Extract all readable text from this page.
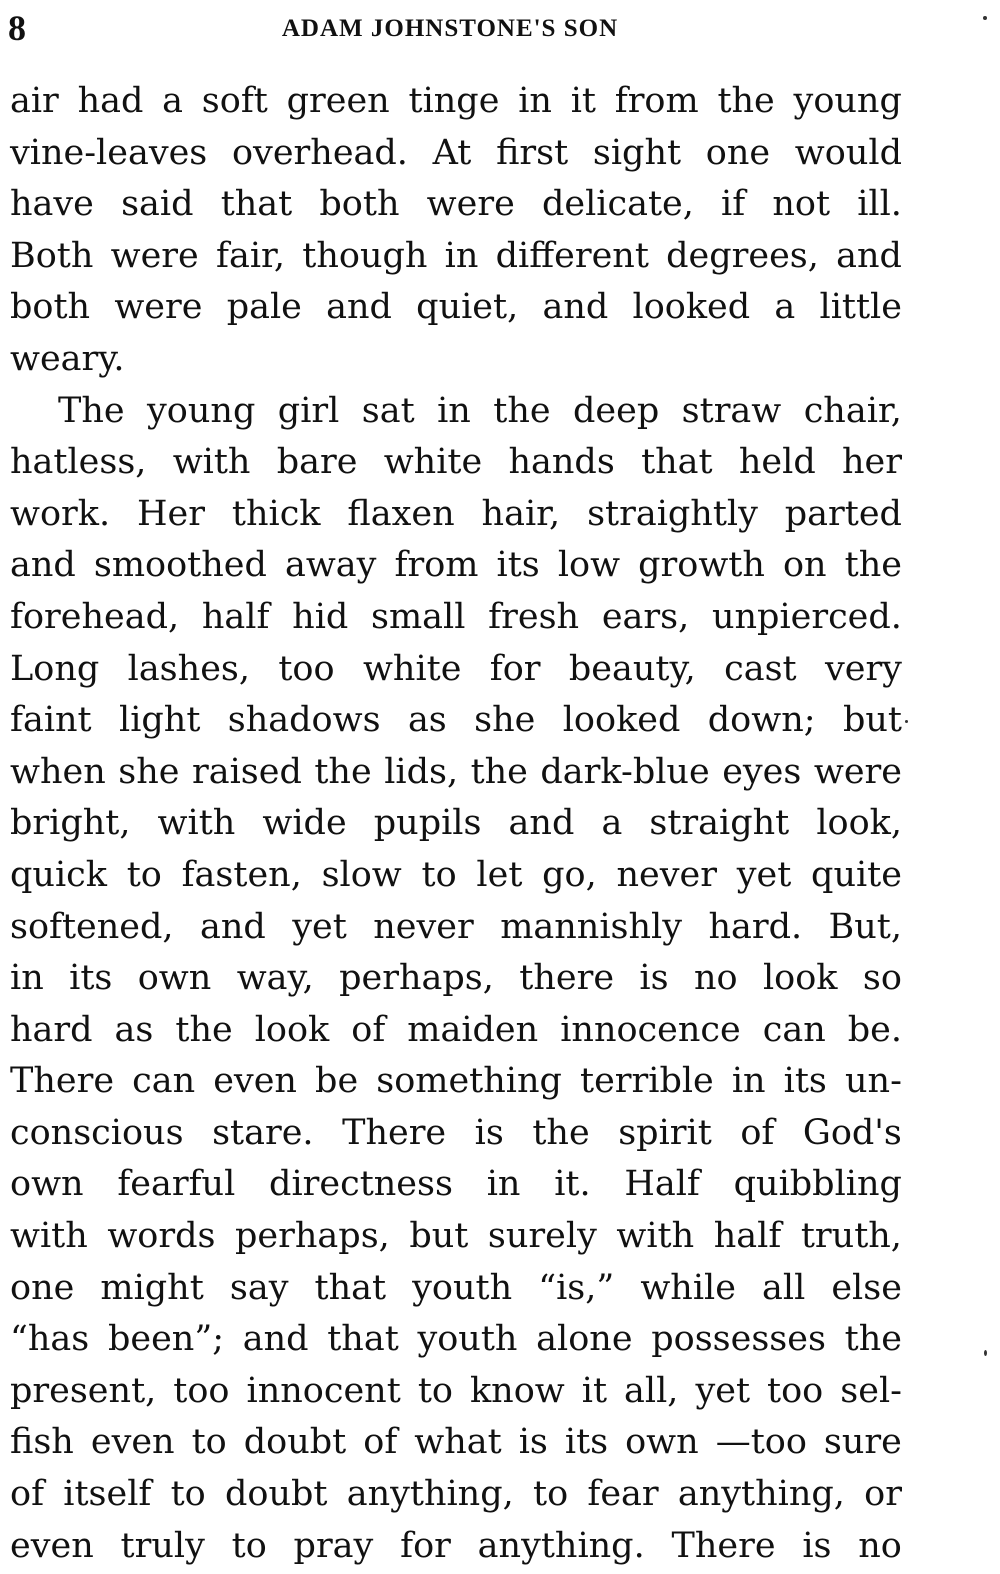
8	ADAM JOHNSTONE'S SON
air had a soft green tinge in it from the young
vine-leaves overhead. At first sight one would
have said that both were delicate, if not ill.
Both were fair, though in different degrees, and
both were pale and quiet, and looked a little
weary.
The young girl sat in the deep straw chair,
hatless, with bare white hands that held her
work. Her thick flaxen hair, straightly parted
and smoothed away from its low growth on the
forehead, half hid small fresh ears, unpierced.
Long lashes, too white for beauty, cast very
faint light shadows as she looked down; but
when she raised the lids, the dark-blue eyes were
bright, with wide pupils and a straight look,
quick to fasten, slow to let go, never yet quite
softened, and yet never mannishly hard. But,
in its own way, perhaps, there is no look so
hard as the look of maiden innocence can be.
There can even be something terrible in its un-
conscious stare. There is the spirit of God's
own fearful directness in it. Half quibbling
with words perhaps, but surely with half truth,
one might say that youth “is,” while all else
“has been”; and that youth alone possesses the
present, too innocent to know it all, yet too sel-
fish even to doubt of what is its own —too sure
of itself to doubt anything, to fear anything, or
even truly to pray for anything. There is no
